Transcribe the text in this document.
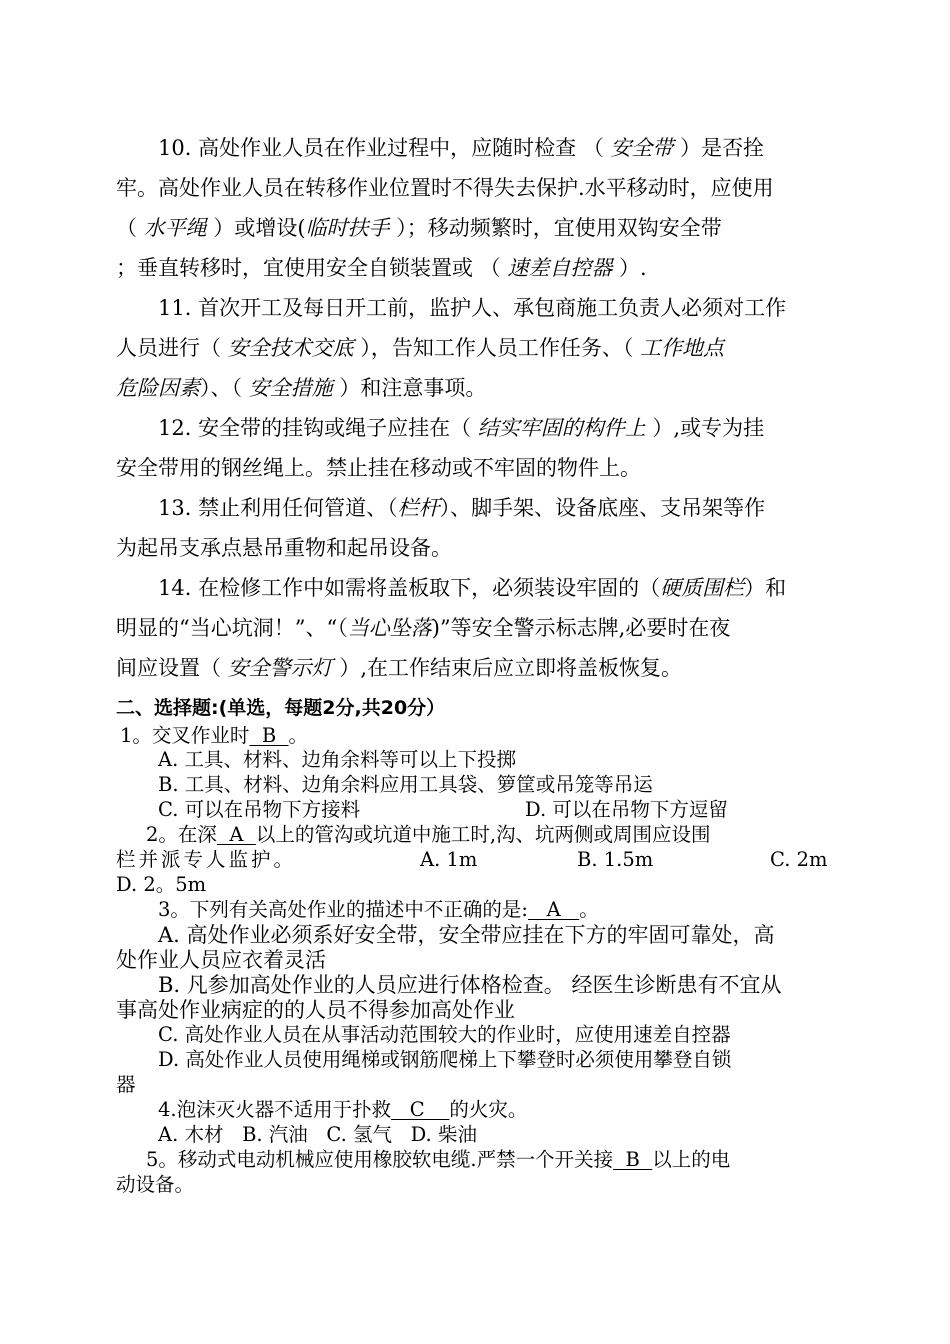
10. 高处作业人员在作业过程中，应随时检查 （ 安全带 ）是否拴
牢。高处作业人员在转移作业位置时不得失去保护.水平移动时，应使用
（ 水平绳 ）或增设(临时扶手 ）；移动频繁时，宜使用双钩安全带
；垂直转移时，宜使用安全自锁装置或 （ 速差自控器 ）.
11. 首次开工及每日开工前，监护人、承包商施工负责人必须对工作
人员进行（ 安全技术交底 ），告知工作人员工作任务、（ 工作地点
危险因素）、（ 安全措施 ）和注意事项。
12. 安全带的挂钩或绳子应挂在（ 结实牢固的构件上 ）,或专为挂
安全带用的钢丝绳上。禁止挂在移动或不牢固的物件上。
13. 禁止利用任何管道、（栏杆）、脚手架、设备底座、支吊架等作
为起吊支承点悬吊重物和起吊设备。
14. 在检修工作中如需将盖板取下，必须装设牢固的（硬质围栏）和
明显的“当心坑洞！”、“（当心坠落)”等安全警示标志牌,必要时在夜
间应设置（ 安全警示灯 ）,在工作结束后应立即将盖板恢复。
二、选择题:(单选，每题2分,共20分）
1。交叉作业时  B  。
A. 工具、材料、边角余料等可以上下投掷
B. 工具、材料、边角余料应用工具袋、箩筐或吊笼等吊运
C. 可以在吊物下方接料	D. 可以在吊物下方逗留
2。在深  A  以上的管沟或坑道中施工时,沟、坑两侧或周围应设围
栏并派专人监护。	A. 1m	B. 1.5m	C. 2m
D. 2。5m
3。下列有关高处作业的描述中不正确的是:   A   。
A. 高处作业必须系好安全带，安全带应挂在下方的牢固可靠处，高
处作业人员应衣着灵活
B. 凡参加高处作业的人员应进行体格检查。 经医生诊断患有不宜从
事高处作业病症的的人员不得参加高处作业
C. 高处作业人员在从事活动范围较大的作业时，应使用速差自控器
D. 高处作业人员使用绳梯或钢筋爬梯上下攀登时必须使用攀登自锁
器
4.泡沫灭火器不适用于扑救   C    的火灾。
A. 木材   B. 汽油   C. 氢气   D. 柴油
5。移动式电动机械应使用橡胶软电缆.严禁一个开关接  B  以上的电
动设备。
